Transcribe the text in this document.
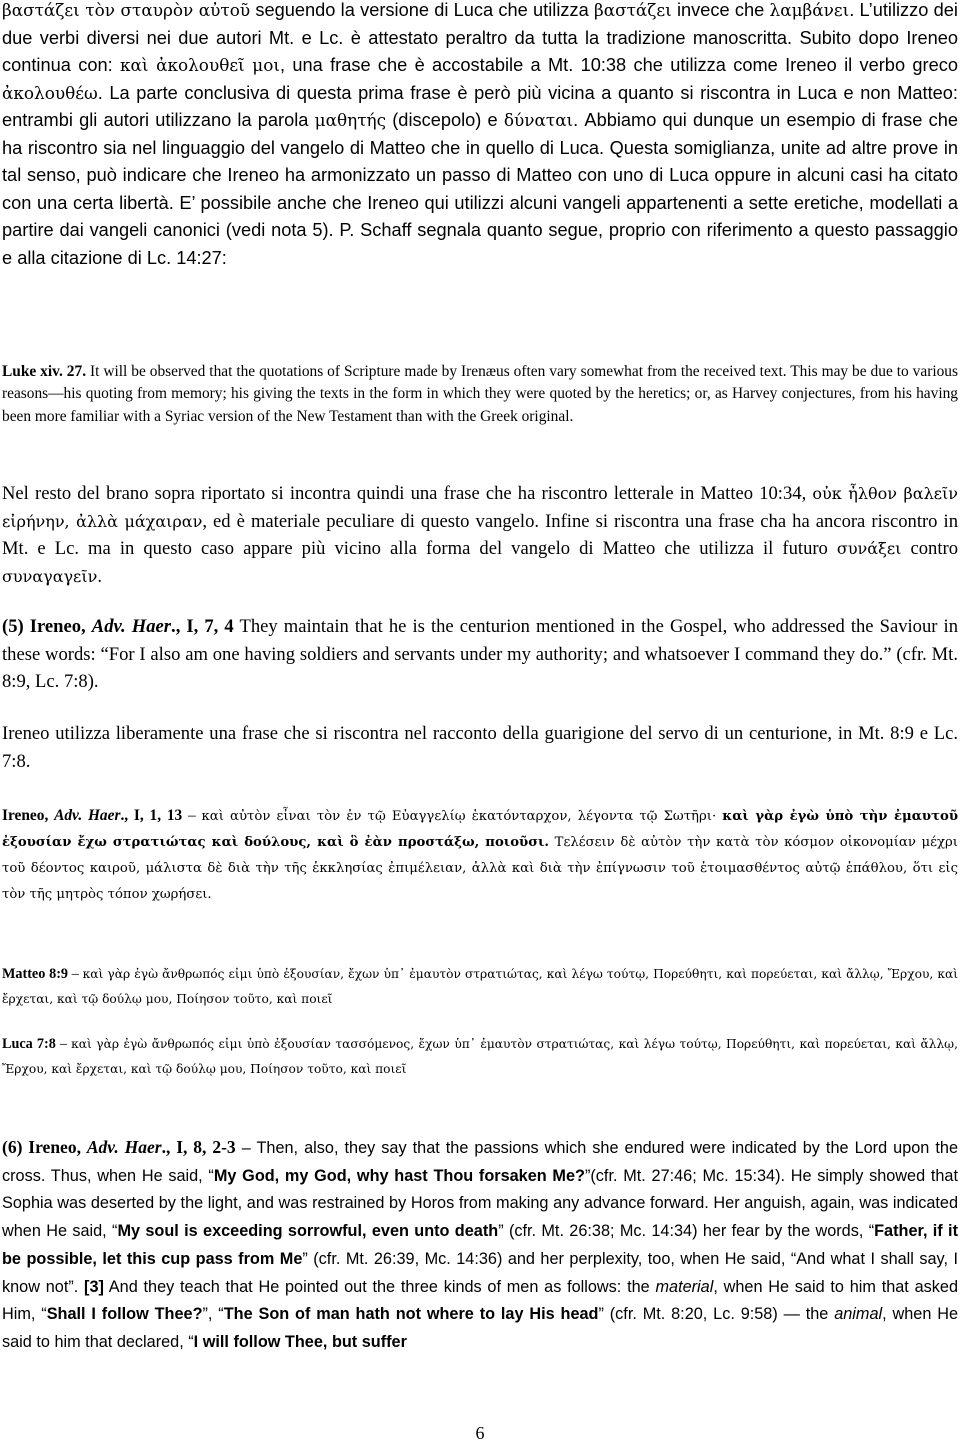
βαστάζει τὸν σταυρὸν αὐτοῦ seguendo la versione di Luca che utilizza βαστάζει invece che λαμβάνει. L’utilizzo dei due verbi diversi nei due autori Mt. e Lc. è attestato peraltro da tutta la tradizione manoscritta. Subito dopo Ireneo continua con: καὶ ἀκολουθεῖ μοι, una frase che è accostabile a Mt. 10:38 che utilizza come Ireneo il verbo greco ἀκολουθέω. La parte conclusiva di questa prima frase è però più vicina a quanto si riscontra in Luca e non Matteo: entrambi gli autori utilizzano la parola μαθητής (discepolo) e δύναται. Abbiamo qui dunque un esempio di frase che ha riscontro sia nel linguaggio del vangelo di Matteo che in quello di Luca. Questa somiglianza, unite ad altre prove in tal senso, può indicare che Ireneo ha armonizzato un passo di Matteo con uno di Luca oppure in alcuni casi ha citato con una certa libertà. E’ possibile anche che Ireneo qui utilizzi alcuni vangeli appartenenti a sette eretiche, modellati a partire dai vangeli canonici (vedi nota 5). P. Schaff segnala quanto segue, proprio con riferimento a questo passaggio e alla citazione di Lc. 14:27:

Luke xiv. 27. It will be observed that the quotations of Scripture made by Irenæus often vary somewhat from the received text. This may be due to various reasons—his quoting from memory; his giving the texts in the form in which they were quoted by the heretics; or, as Harvey conjectures, from his having been more familiar with a Syriac version of the New Testament than with the Greek original.

Nel resto del brano sopra riportato si incontra quindi una frase che ha riscontro letterale in Matteo 10:34, οὐκ ἦλθον βαλεῖν εἰρήνην, ἀλλὰ μάχαιραν, ed è materiale peculiare di questo vangelo. Infine si riscontra una frase cha ha ancora riscontro in Mt. e Lc. ma in questo caso appare più vicino alla forma del vangelo di Matteo che utilizza il futuro συνάξει contro συναγαγεῖν.

(5) Ireneo, Adv. Haer., I, 7, 4 They maintain that he is the centurion mentioned in the Gospel, who addressed the Saviour in these words: “For I also am one having soldiers and servants under my authority; and whatsoever I command they do.” (cfr. Mt. 8:9, Lc. 7:8).

Ireneo utilizza liberamente una frase che si riscontra nel racconto della guarigione del servo di un centurione, in Mt. 8:9 e Lc. 7:8.

Ireneo, Adv. Haer., I, 1, 13 – καὶ αὐτὸν εἶναι τὸν ἐν τῷ Εὐαγγελίῳ ἑκατόνταρχον, λέγοντα τῷ Σωτῆρι· καὶ γὰρ ἐγὼ ὑπὸ τὴν ἐμαυτοῦ ἐξουσίαν ἔχω στρατιώτας καὶ δούλους, καὶ ὃ ἐὰν προστάξω, ποιοῦσι. Τελέσειν δὲ αὐτὸν τὴν κατὰ τὸν κόσμον οἰκονομίαν μέχρι τοῦ δέοντος καιροῦ, μάλιστα δὲ διὰ τὴν τῆς ἐκκλησίας ἐπιμέλειαν, ἀλλὰ καὶ διὰ τὴν ἐπίγνωσιν τοῦ ἑτοιμασθέντος αὐτῷ ἐπάθλου, ὅτι εἰς τὸν τῆς μητρὸς τόπον χωρήσει.

Matteo 8:9 – καὶ γὰρ ἐγὼ ἄνθρωπός εἰμι ὑπὸ ἐξουσίαν, ἔχων ὑπ᾽ ἐμαυτὸν στρατιώτας, καὶ λέγω τούτῳ, Πορεύθητι, καὶ πορεύεται, καὶ ἄλλῳ, Ἔρχου, καὶ ἔρχεται, καὶ τῷ δούλῳ μου, Ποίησον τοῦτο, καὶ ποιεῖ

Luca 7:8 – καὶ γὰρ ἐγὼ ἄνθρωπός εἰμι ὑπὸ ἐξουσίαν τασσόμενος, ἔχων ὑπ᾽ ἐμαυτὸν στρατιώτας, καὶ λέγω τούτῳ, Πορεύθητι, καὶ πορεύεται, καὶ ἄλλῳ, Ἔρχου, καὶ ἔρχεται, καὶ τῷ δούλῳ μου, Ποίησον τοῦτο, καὶ ποιεῖ

(6) Ireneo, Adv. Haer., I, 8, 2-3 – Then, also, they say that the passions which she endured were indicated by the Lord upon the cross. Thus, when He said, “My God, my God, why hast Thou forsaken Me?”(cfr. Mt. 27:46; Mc. 15:34). He simply showed that Sophia was deserted by the light, and was restrained by Horos from making any advance forward. Her anguish, again, was indicated when He said, “My soul is exceeding sorrowful, even unto death” (cfr. Mt. 26:38; Mc. 14:34) her fear by the words, “Father, if it be possible, let this cup pass from Me” (cfr. Mt. 26:39, Mc. 14:36) and her perplexity, too, when He said, “And what I shall say, I know not”. [3] And they teach that He pointed out the three kinds of men as follows: the material, when He said to him that asked Him, “Shall I follow Thee?”, “The Son of man hath not where to lay His head” (cfr. Mt. 8:20, Lc. 9:58) — the animal, when He said to him that declared, “I will follow Thee, but suffer

6
